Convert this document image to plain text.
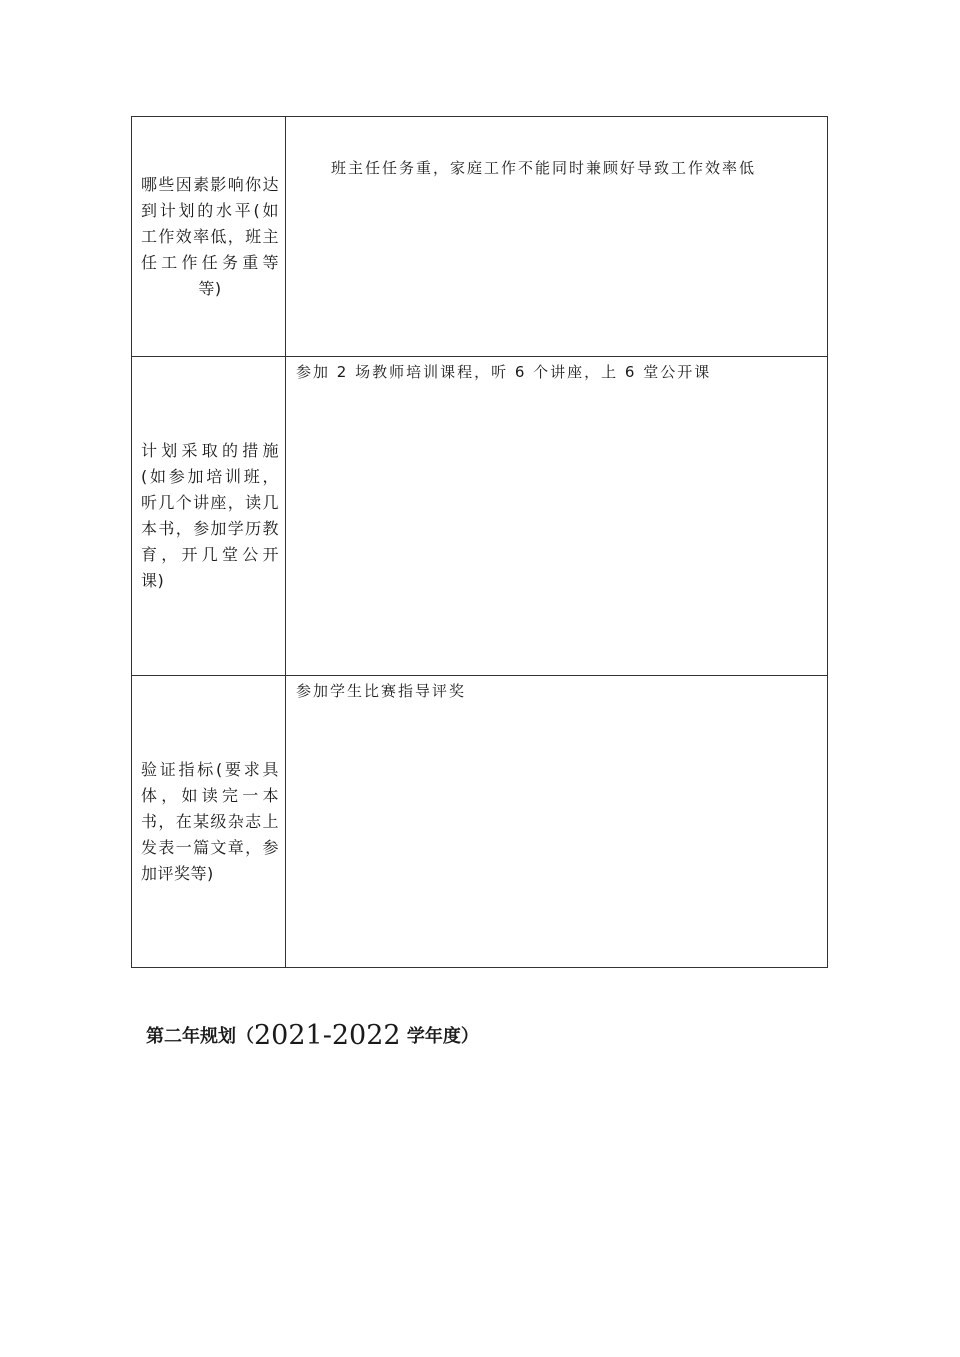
哪些因素影响你达到计划的水平(如工作效率低，班主任工作任务重等等)	班主任任务重，家庭工作不能同时兼顾好导致工作效率低

计划采取的措施(如参加培训班，听几个讲座，读几本书，参加学历教育，开几堂公开课)	参加 2 场教师培训课程，听 6 个讲座，上 6 堂公开课

验证指标(要求具体，如读完一本书，在某级杂志上发表一篇文章，参加评奖等)	参加学生比赛指导评奖
第二年规划（2021-2022 学年度）
